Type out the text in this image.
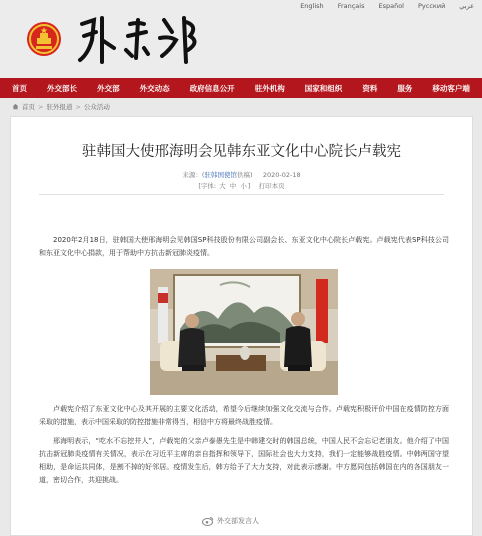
English Français Español Русский عربي
首页	外交部长	外交部	外交动态	政府信息公开	驻外机构	国家和组织	资料	服务	移动客户端
首页 > 驻外报道 > 公众活动
驻韩国大使邢海明会见韩东亚文化中心院长卢载宪
来源：(驻韩国使馆供稿) 2020-02-18
[字体: 大 中 小] 打印本页
2020年2月18日，驻韩国大使邢海明会见韩国SP科技股份有限公司副会长、东亚文化中心院长卢载宪。卢载宪代表SP科技公司和东亚文化中心捐款，用于帮助中方抗击新冠肺炎疫情。
卢载宪介绍了东亚文化中心及其开展的主要文化活动，希望今后继续加强文化交流与合作。卢载宪积极评价中国在疫情防控方面采取的措施，表示中国采取的防控措施非常得当，相信中方将最终战胜疫情。
邢海明表示，“吃水不忘挖井人”，卢载宪的父亲卢泰愚先生是中韩建交时的韩国总统，中国人民不会忘记老朋友。他介绍了中国抗击新冠肺炎疫情有关情况，表示在习近平主席的亲自指挥和领导下，国际社会也大力支持，我们一定能够战胜疫情。中韩两国守望相助，是命运共同体，是割不掉的好邻居。疫情发生后，韩方给予了大力支持，对此表示感谢。中方愿同包括韩国在内的各国朋友一道，密切合作，共迎挑战。
外交部发言人
